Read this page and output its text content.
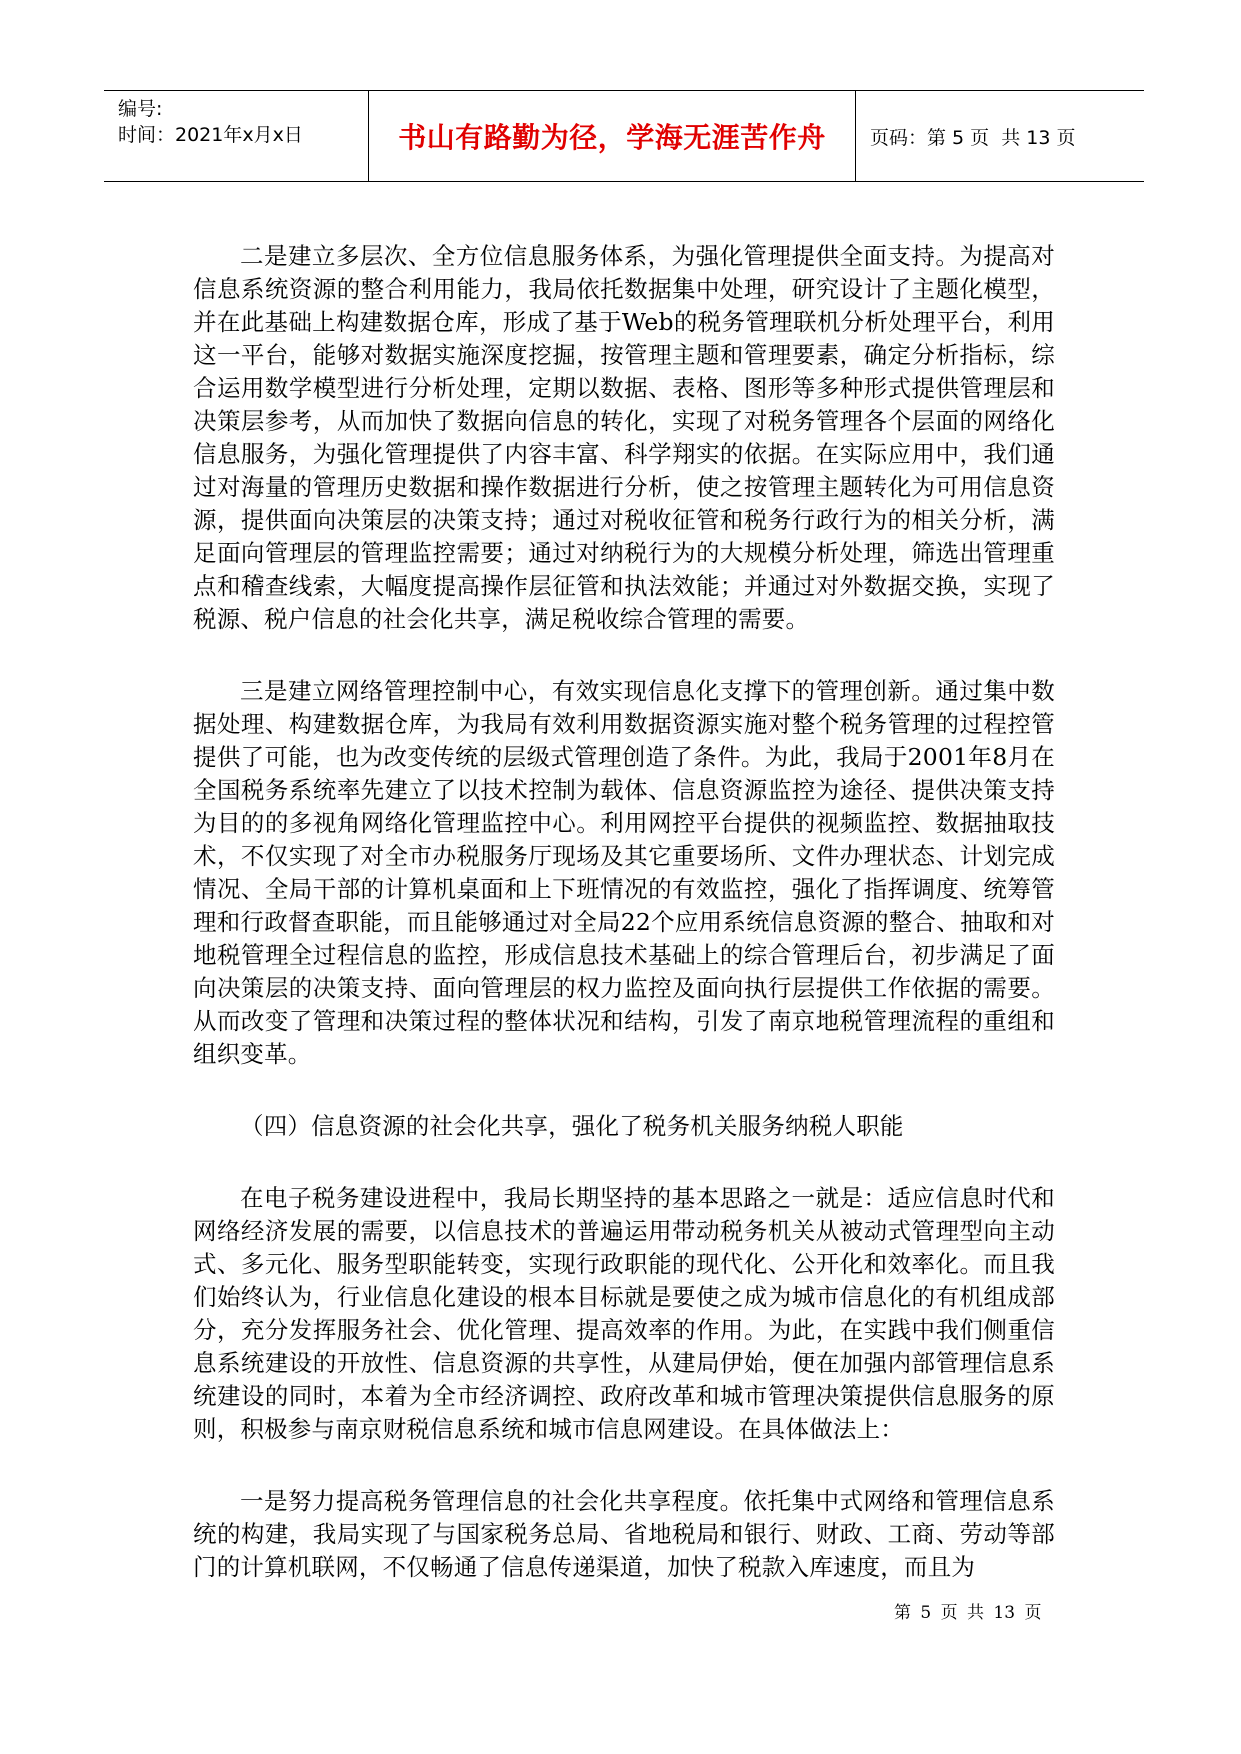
编号:
时间：2021年x月x日	书山有路勤为径，学海无涯苦作舟 页码：第 5 页  共 13 页

二是建立多层次、全方位信息服务体系，为强化管理提供全面支持。为提高对信息系统资源的整合利用能力，我局依托数据集中处理，研究设计了主题化模型，并在此基础上构建数据仓库，形成了基于Web的税务管理联机分析处理平台，利用这一平台，能够对数据实施深度挖掘，按管理主题和管理要素，确定分析指标，综合运用数学模型进行分析处理，定期以数据、表格、图形等多种形式提供管理层和决策层参考，从而加快了数据向信息的转化，实现了对税务管理各个层面的网络化信息服务，为强化管理提供了内容丰富、科学翔实的依据。在实际应用中，我们通过对海量的管理历史数据和操作数据进行分析，使之按管理主题转化为可用信息资源，提供面向决策层的决策支持；通过对税收征管和税务行政行为的相关分析，满足面向管理层的管理监控需要；通过对纳税行为的大规模分析处理，筛选出管理重点和稽查线索，大幅度提高操作层征管和执法效能；并通过对外数据交换，实现了税源、税户信息的社会化共享，满足税收综合管理的需要。

三是建立网络管理控制中心，有效实现信息化支撑下的管理创新。通过集中数据处理、构建数据仓库，为我局有效利用数据资源实施对整个税务管理的过程控管提供了可能，也为改变传统的层级式管理创造了条件。为此，我局于2001年8月在全国税务系统率先建立了以技术控制为载体、信息资源监控为途径、提供决策支持为目的的多视角网络化管理监控中心。利用网控平台提供的视频监控、数据抽取技术，不仅实现了对全市办税服务厅现场及其它重要场所、文件办理状态、计划完成情况、全局干部的计算机桌面和上下班情况的有效监控，强化了指挥调度、统筹管理和行政督查职能，而且能够通过对全局22个应用系统信息资源的整合、抽取和对地税管理全过程信息的监控，形成信息技术基础上的综合管理后台，初步满足了面向决策层的决策支持、面向管理层的权力监控及面向执行层提供工作依据的需要。从而改变了管理和决策过程的整体状况和结构，引发了南京地税管理流程的重组和组织变革。

（四）信息资源的社会化共享，强化了税务机关服务纳税人职能

在电子税务建设进程中，我局长期坚持的基本思路之一就是：适应信息时代和网络经济发展的需要，以信息技术的普遍运用带动税务机关从被动式管理型向主动式、多元化、服务型职能转变，实现行政职能的现代化、公开化和效率化。而且我们始终认为，行业信息化建设的根本目标就是要使之成为城市信息化的有机组成部分，充分发挥服务社会、优化管理、提高效率的作用。为此，在实践中我们侧重信息系统建设的开放性、信息资源的共享性，从建局伊始，便在加强内部管理信息系统建设的同时，本着为全市经济调控、政府改革和城市管理决策提供信息服务的原则，积极参与南京财税信息系统和城市信息网建设。在具体做法上：

一是努力提高税务管理信息的社会化共享程度。依托集中式网络和管理信息系统的构建，我局实现了与国家税务总局、省地税局和银行、财政、工商、劳动等部门的计算机联网，不仅畅通了信息传递渠道，加快了税款入库速度，而且为

第 5 页 共 13 页
